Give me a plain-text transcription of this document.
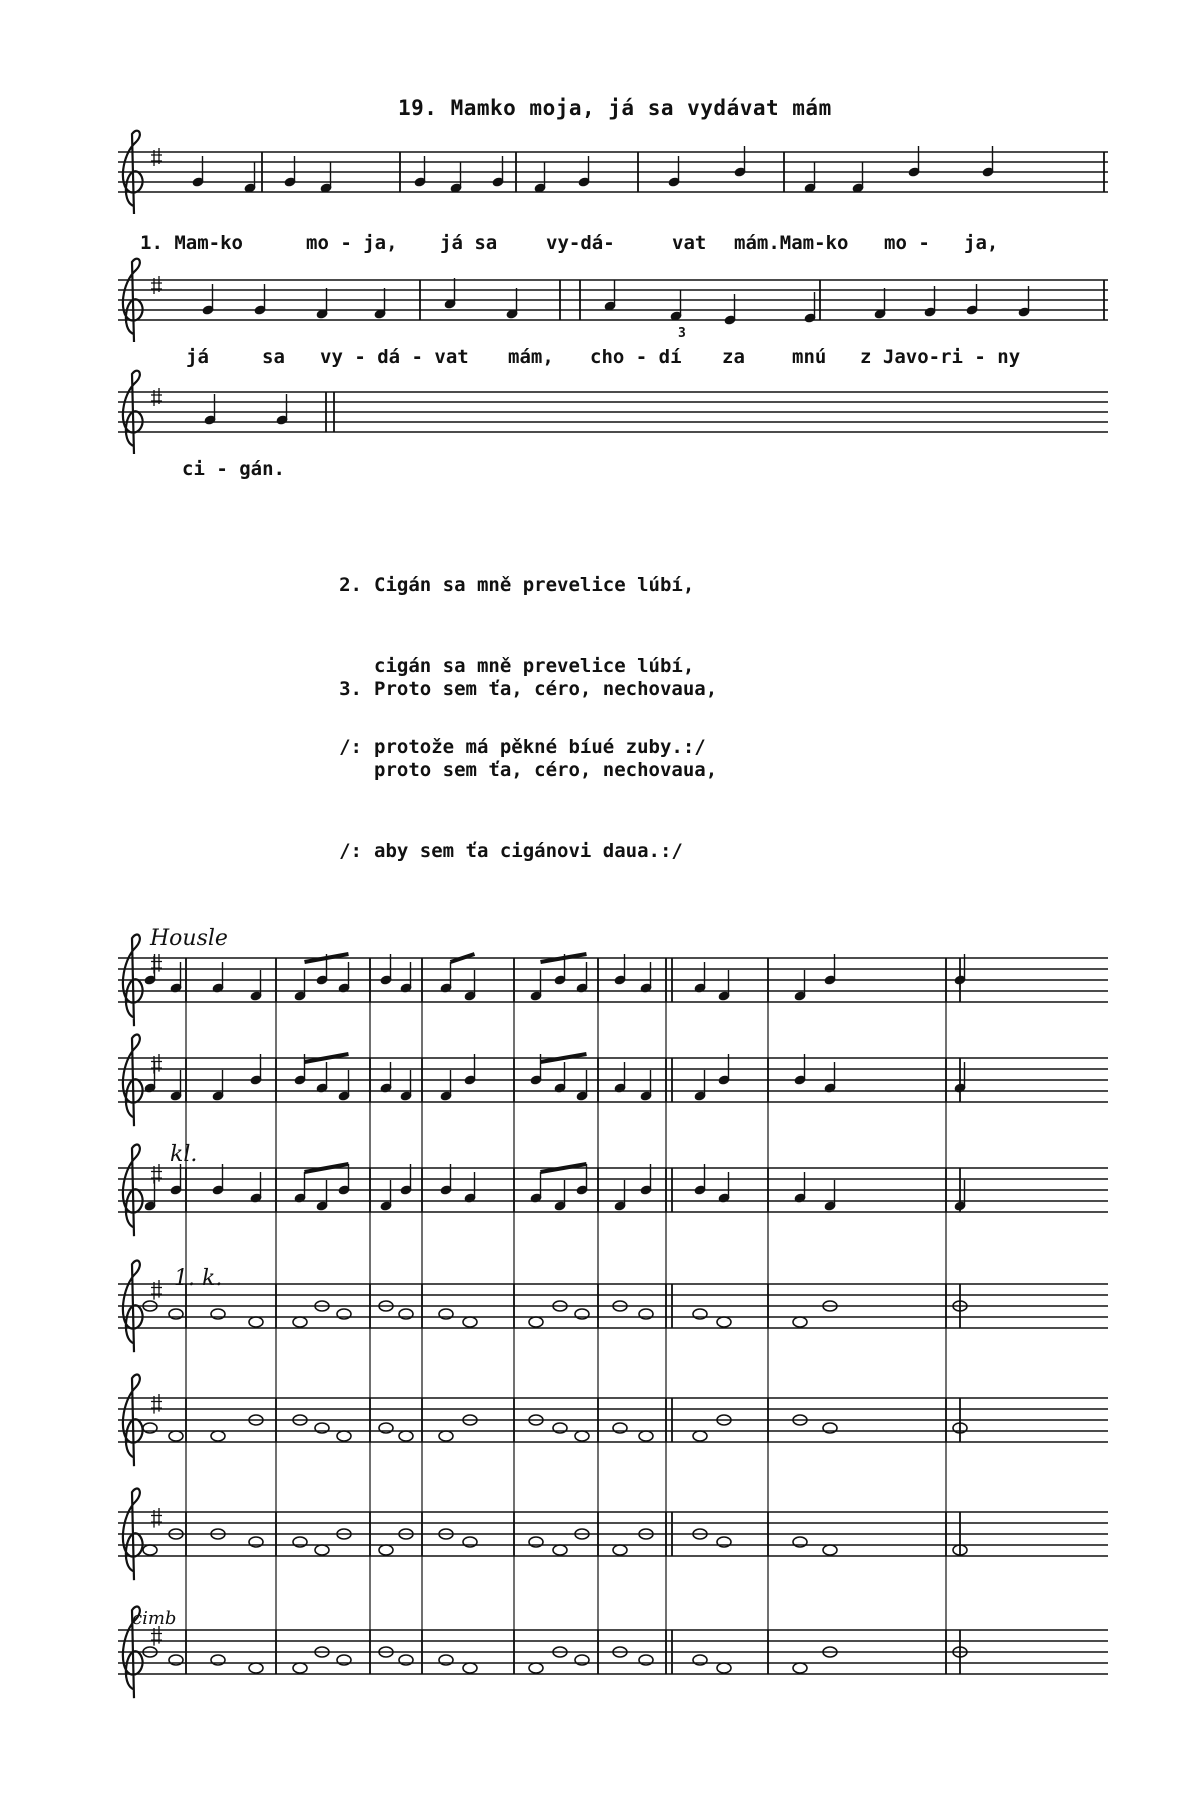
19. Mamko moja, já sa vydávat mám
1. Mam-ko	mo - ja, já sa	vy-dá-	vat mám.Mam-ko mo - ja,
já	sa vy - dá - vat mám, cho - dí za mnú z Javo-ri - ny
ci - gán.
3

2. Cigán sa mně prevelice lúbí,

cigán sa mně prevelice lúbí,

/: protože má pěkné bíué zuby.:/

3. Proto sem ťa, céro, nechovaua,

proto sem ťa, céro, nechovaua,

/: aby sem ťa cigánovi daua.:/

Housle
kl.
1. k.
cimb
